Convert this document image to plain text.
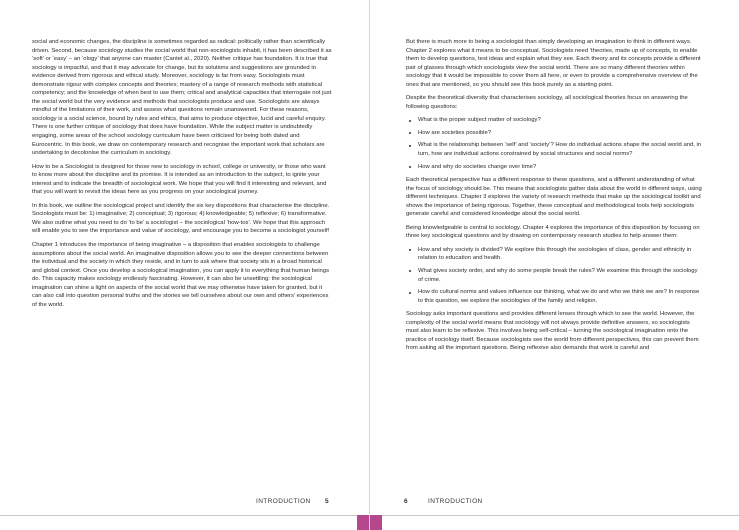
social and economic changes, the discipline is sometimes regarded as radical: politically rather than scientifically driven. Second, because sociology studies the social world that non-sociologists inhabit, it has been described it as ‘soft’ or ‘easy’ – an ‘ology’ that anyone can master (Cantet al., 2020). Neither critique has foundation. It is true that sociology is impactful, and that it may advocate for change, but its solutions and suggestions are grounded in evidence derived from rigorous and ethical study. Moreover, sociology is far from easy. Sociologists must demonstrate rigour with complex concepts and theories; mastery of a range of research methods with statistical competency; and the knowledge of when best to use them; critical and analytical capacities that interrogate not just the social world but the very evidence and methods that sociologists produce and use. Sociologists are always mindful of the limitations of their work, and assess what questions remain unanswered. For these reasons, sociology is a social science, bound by rules and ethics, that aims to produce objective, lucid and careful enquiry. There is one further critique of sociology that does have foundation. While the subject matter is undoubtedly engaging, some areas of the school sociology curriculum have been criticised for being both dated and Eurocentric. In this book, we draw on contemporary research and recognise the important work that scholars are undertaking to decolonise the curriculum in sociology.

How to be a Sociologist is designed for those new to sociology in school, college or university, or those who want to know more about the discipline and its promise. It is intended as an introduction to the subject, to ignite your interest and to indicate the breadth of sociological work. We hope that you will find it interesting and relevant, and that you will want to revisit the ideas here as you progress on your sociological journey.

In this book, we outline the sociological project and identify the six key dispositions that characterise the discipline. Sociologists must be: 1) imaginative; 2) conceptual; 3) rigorous; 4) knowledgeable; 5) reflexive; 6) transformative. We also outline what you need to do ‘to be’ a sociologist – the sociological ‘how-tos’. We hope that this approach will enable you to see the importance and value of sociology, and encourage you to become a sociologist yourself!

Chapter 1 introduces the importance of being imaginative – a disposition that enables sociologists to challenge assumptions about the social world. An imaginative disposition allows you to see the deeper connections between the individual and the society in which they reside, and in turn to ask where that society sits in a broad historical and global context. Once you develop a sociological imagination, you can apply it to everything that human beings do. This capacity makes sociology endlessly fascinating. However, it can also be unsettling: the sociological imagination can shine a light on aspects of the social world that we may otherwise have taken for granted, but it can also call into question personal truths and the stories we tell ourselves about our own and others’ experiences of the world.

INTRODUCTION 5

But there is much more to being a sociologist than simply developing an imagination to think in different ways. Chapter 2 explores what it means to be conceptual. Sociologists need ‘theories, made up of concepts, to enable them to develop questions, test ideas and explain what they see. Each theory and its concepts provide a different pair of glasses through which sociologists view the social world. There are so many different theories within sociology that it would be impossible to cover them all here, or even to provide a comprehensive overview of the ones that are mentioned, so you should see this book purely as a starting point.

Despite the theoretical diversity that characterises sociology, all sociological theories focus on answering the following questions:

What is the proper subject matter of sociology?
How are societies possible?
What is the relationship between ‘self’ and ‘society’? How do individual actions shape the social world and, in turn, how are individual actions constrained by social structures and social norms?
How and why do societies change over time?

Each theoretical perspective has a different response to these questions, and a different understanding of what the focus of sociology should be. This means that sociologists gather data about the world in different ways, using different techniques. Chapter 3 explores the variety of research methods that make up the sociological toolkit and shows the importance of being rigorous. Together, these conceptual and methodological tools help sociologists generate careful and considered knowledge about the social world.

Being knowledgeable is central to sociology. Chapter 4 explores the importance of this disposition by focusing on three key sociological questions and by drawing on contemporary research studies to help answer them:

How and why society is divided? We explore this through the sociologies of class, gender and ethnicity in relation to education and health.
What gives society order, and why do some people break the rules? We examine this through the sociology of crime.
How do cultural norms and values influence our thinking, what we do and who we think we are? In response to this question, we explore the sociologies of the family and religion.

Sociology asks important questions and provides different lenses through which to see the world. However, the complexity of the social world means that sociology will not always provide definitive answers, so sociologists must also learn to be reflexive. This involves being self-critical – turning the sociological imagination onto the practice of sociology itself. Because sociologists see the world from different perspectives, this can prevent them from asking all the important questions. Being reflexive also demands that work is careful and

6	INTRODUCTION
